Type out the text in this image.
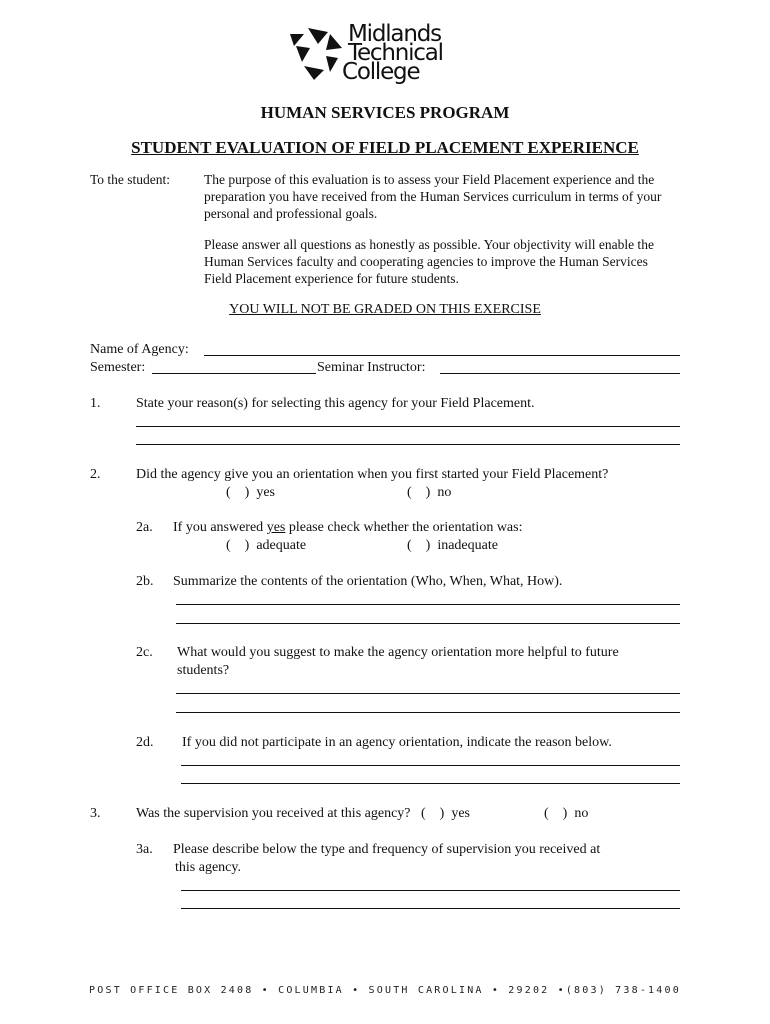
Midlands
Technical
College
HUMAN SERVICES PROGRAM
STUDENT EVALUATION OF FIELD PLACEMENT EXPERIENCE
To the student:	The purpose of this evaluation is to assess your Field Placement experience and the
preparation you have received from the Human Services curriculum in terms of your
personal and professional goals.
Please answer all questions as honestly as possible. Your objectivity will enable the
Human Services faculty and cooperating agencies to improve the Human Services
Field Placement experience for future students.
YOU WILL NOT BE GRADED ON THIS EXERCISE
Name of Agency:
Semester:	Seminar Instructor:
1.	State your reason(s) for selecting this agency for your Field Placement.
2.	Did the agency give you an orientation when you first started your Field Placement?
(    )  yes	(    )  no
2a. If you answered yes please check whether the orientation was:
(    )  adequate	(    )  inadequate
2b. Summarize the contents of the orientation (Who, When, What, How).
2c. What would you suggest to make the agency orientation more helpful to future
students?
2d. If you did not participate in an agency orientation, indicate the reason below.
3.	Was the supervision you received at this agency?   (    )  yes	(    )  no
3a. Please describe below the type and frequency of supervision you received at
this agency.
POST OFFICE BOX 2408 • COLUMBIA • SOUTH CAROLINA • 29202 •(803) 738-1400
